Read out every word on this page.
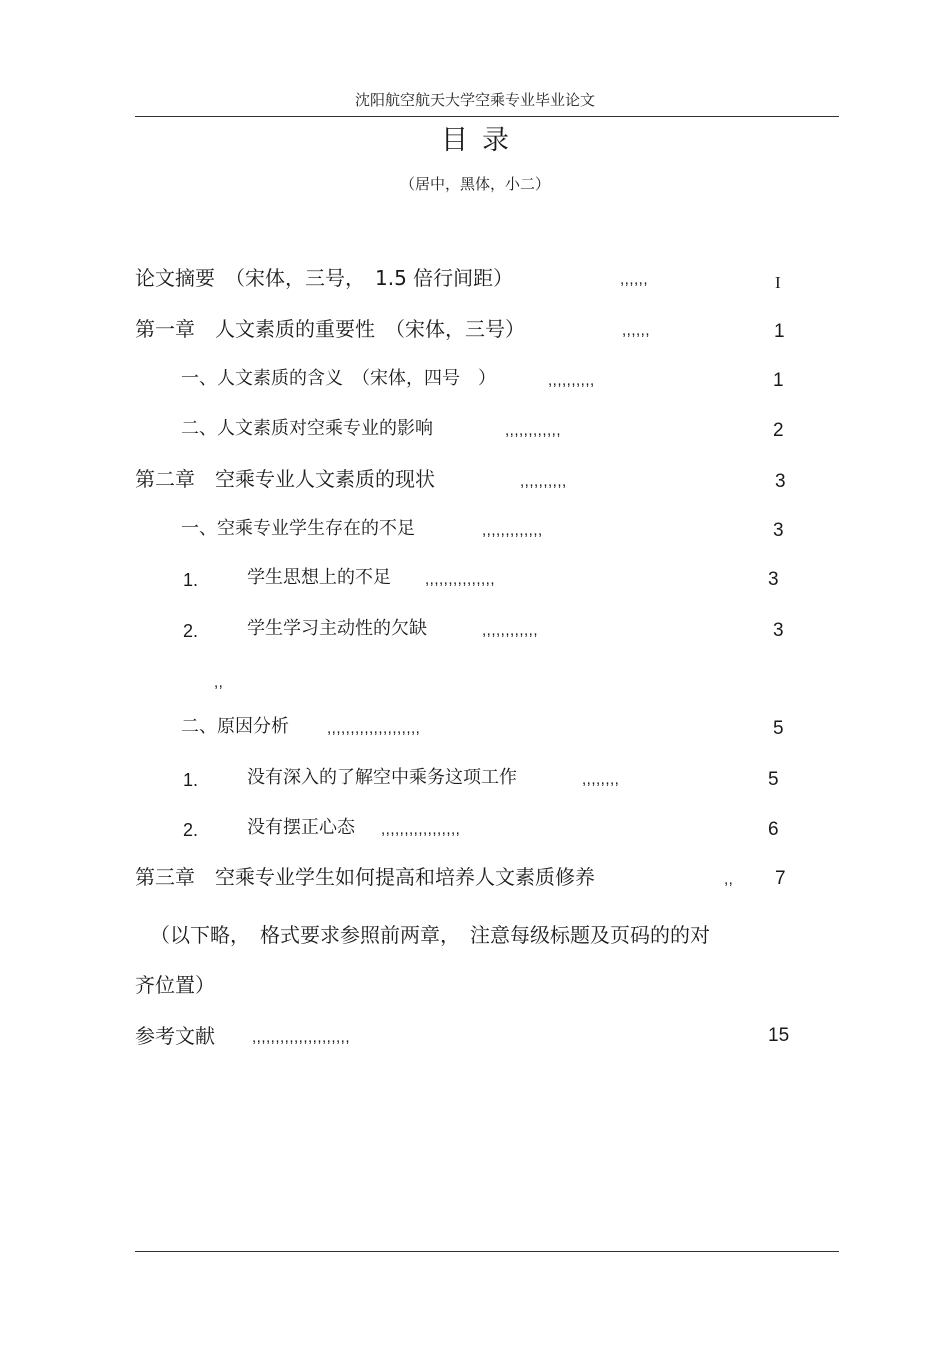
沈阳航空航天大学空乘专业毕业论文
目录
（居中，黑体，小二）
论文摘要　（宋体，三号，　1.5 倍行间距）	,,,,,,	I
第一章　人文素质的重要性　（宋体，三号）	,,,,,,	1
一、人文素质的含义　（宋体，四号　）	,,,,,,,,,,	1
二、人文素质对空乘专业的影响	,,,,,,,,,,,,	2
第二章　空乘专业人文素质的现状	,,,,,,,,,,	3
一、空乘专业学生存在的不足	,,,,,,,,,,,,,	3
1.	学生思想上的不足 ,,,,,,,,,,,,,,,	3
2.	学生学习主动性的欠缺	,,,,,,,,,,,,	3
,,
二、原因分析	,,,,,,,,,,,,,,,,,,,,	5
1.	没有深入的了解空中乘务这项工作	,,,,,,,,	5
2.	没有摆正心态 ,,,,,,,,,,,,,,,,,	6
第三章　空乘专业学生如何提高和培养人文素质修养	,, 7
（以下略，　格式要求参照前两章，　注意每级标题及页码的的对
齐位置）
参考文献 ,,,,,,,,,,,,,,,,,,,,,	15
